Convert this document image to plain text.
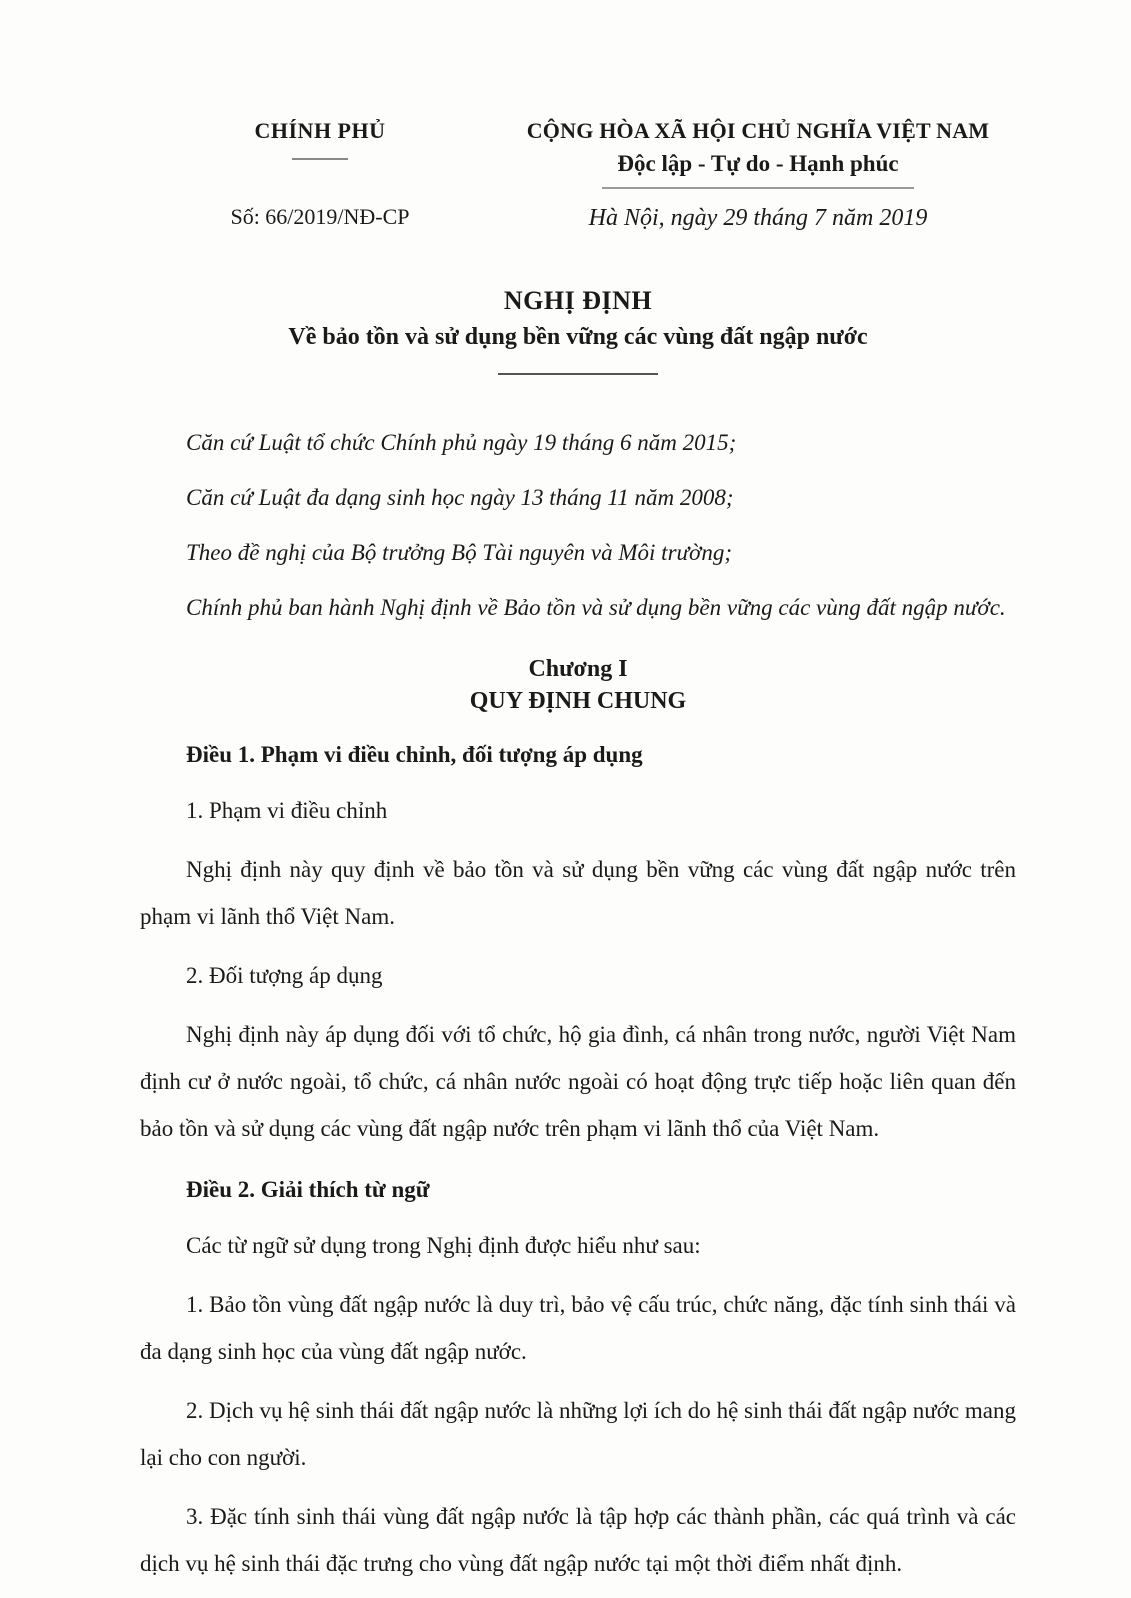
CHÍNH PHỦ
Số: 66/2019/NĐ-CP
CỘNG HÒA XÃ HỘI CHỦ NGHĨA VIỆT NAM
Độc lập - Tự do - Hạnh phúc
Hà Nội, ngày 29 tháng 7 năm 2019
NGHỊ ĐỊNH
Về bảo tồn và sử dụng bền vững các vùng đất ngập nước

Căn cứ Luật tổ chức Chính phủ ngày 19 tháng 6 năm 2015;

Căn cứ Luật đa dạng sinh học ngày 13 tháng 11 năm 2008;

Theo đề nghị của Bộ trưởng Bộ Tài nguyên và Môi trường;

Chính phủ ban hành Nghị định về Bảo tồn và sử dụng bền vững các vùng đất ngập nước.

Chương I
QUY ĐỊNH CHUNG

Điều 1. Phạm vi điều chỉnh, đối tượng áp dụng

1. Phạm vi điều chỉnh

Nghị định này quy định về bảo tồn và sử dụng bền vững các vùng đất ngập nước trên phạm vi lãnh thổ Việt Nam.

2. Đối tượng áp dụng

Nghị định này áp dụng đối với tổ chức, hộ gia đình, cá nhân trong nước, người Việt Nam định cư ở nước ngoài, tổ chức, cá nhân nước ngoài có hoạt động trực tiếp hoặc liên quan đến bảo tồn và sử dụng các vùng đất ngập nước trên phạm vi lãnh thổ của Việt Nam.

Điều 2. Giải thích từ ngữ

Các từ ngữ sử dụng trong Nghị định được hiểu như sau:

1. Bảo tồn vùng đất ngập nước là duy trì, bảo vệ cấu trúc, chức năng, đặc tính sinh thái và đa dạng sinh học của vùng đất ngập nước.

2. Dịch vụ hệ sinh thái đất ngập nước là những lợi ích do hệ sinh thái đất ngập nước mang lại cho con người.

3. Đặc tính sinh thái vùng đất ngập nước là tập hợp các thành phần, các quá trình và các dịch vụ hệ sinh thái đặc trưng cho vùng đất ngập nước tại một thời điểm nhất định.
